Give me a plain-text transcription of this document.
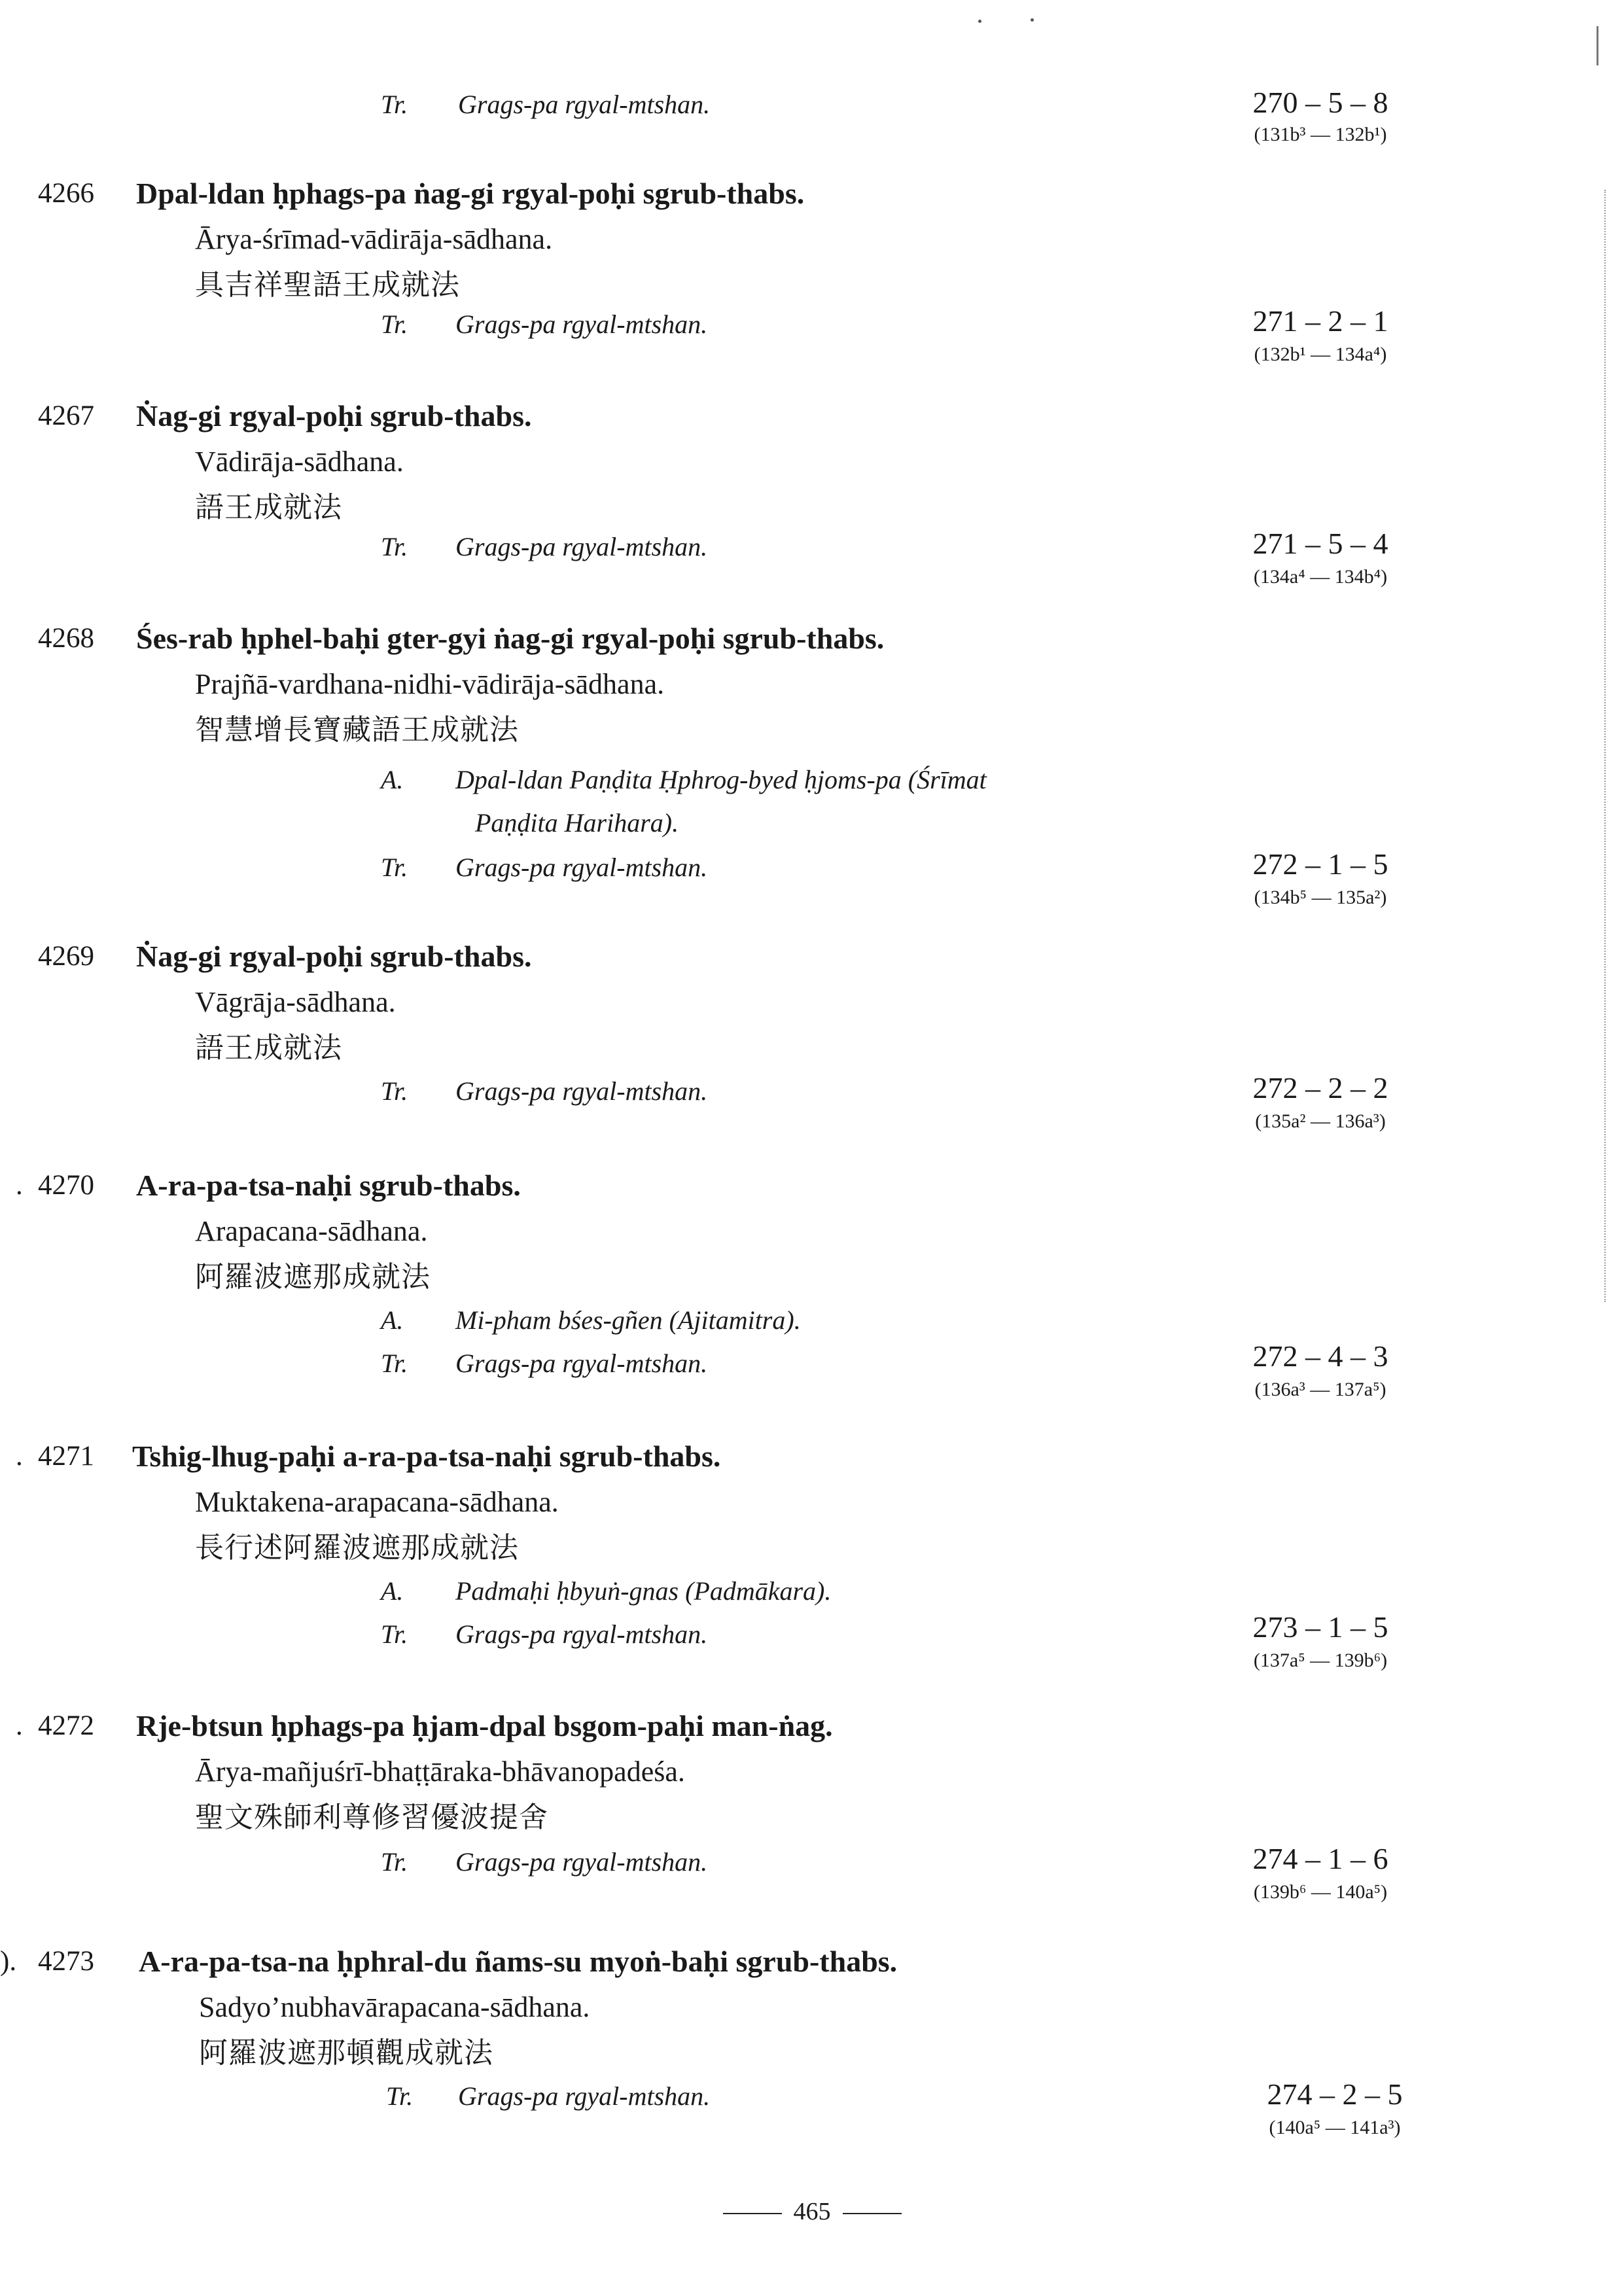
Tr.	Grags-pa rgyal-mtshan.	270 – 5 – 8
(131b³ — 132b¹)
4266 Dpal-ldan ḥphags-pa ṅag-gi rgyal-poḥi sgrub-thabs.
Ārya-śrīmad-vādirāja-sādhana.
具吉祥聖語王成就法
Tr.	Grags-pa rgyal-mtshan.	271 – 2 – 1
(132b¹ — 134a⁴)
4267 Ṅag-gi rgyal-poḥi sgrub-thabs.
Vādirāja-sādhana.
語王成就法
Tr.	Grags-pa rgyal-mtshan.	271 – 5 – 4
(134a⁴ — 134b⁴)
4268 Śes-rab ḥphel-baḥi gter-gyi ṅag-gi rgyal-poḥi sgrub-thabs.
Prajñā-vardhana-nidhi-vādirāja-sādhana.
智慧增長寶藏語王成就法
A.	Dpal-ldan Paṇḍita Ḥphrog-byed ḥjoms-pa (Śrīmat
Paṇḍita Harihara).
Tr.	Grags-pa rgyal-mtshan.	272 – 1 – 5
(134b⁵ — 135a²)
4269 Ṅag-gi rgyal-poḥi sgrub-thabs.
Vāgrāja-sādhana.
語王成就法
Tr.	Grags-pa rgyal-mtshan.	272 – 2 – 2
(135a² — 136a³)
. 4270 A-ra-pa-tsa-naḥi sgrub-thabs.
Arapacana-sādhana.
阿羅波遮那成就法
A.	Mi-pham bśes-gñen (Ajitamitra).
Tr.	Grags-pa rgyal-mtshan.	272 – 4 – 3
(136a³ — 137a⁵)
. 4271 Tshig-lhug-paḥi a-ra-pa-tsa-naḥi sgrub-thabs.
Muktakena-arapacana-sādhana.
長行述阿羅波遮那成就法
A.	Padmaḥi ḥbyuṅ-gnas (Padmākara).
Tr.	Grags-pa rgyal-mtshan.	273 – 1 – 5
(137a⁵ — 139b⁶)
. 4272 Rje-btsun ḥphags-pa ḥjam-dpal bsgom-paḥi man-ṅag.
Ārya-mañjuśrī-bhaṭṭāraka-bhāvanopadeśa.
聖文殊師利尊修習優波提舍
Tr.	Grags-pa rgyal-mtshan.	274 – 1 – 6
(139b⁶ — 140a⁵)
). 4273 A-ra-pa-tsa-na ḥphral-du ñams-su myoṅ-baḥi sgrub-thabs.
Sadyo’nubhavārapacana-sādhana.
阿羅波遮那頓觀成就法
Tr.	Grags-pa rgyal-mtshan.	274 – 2 – 5
(140a⁵ — 141a³)
465
